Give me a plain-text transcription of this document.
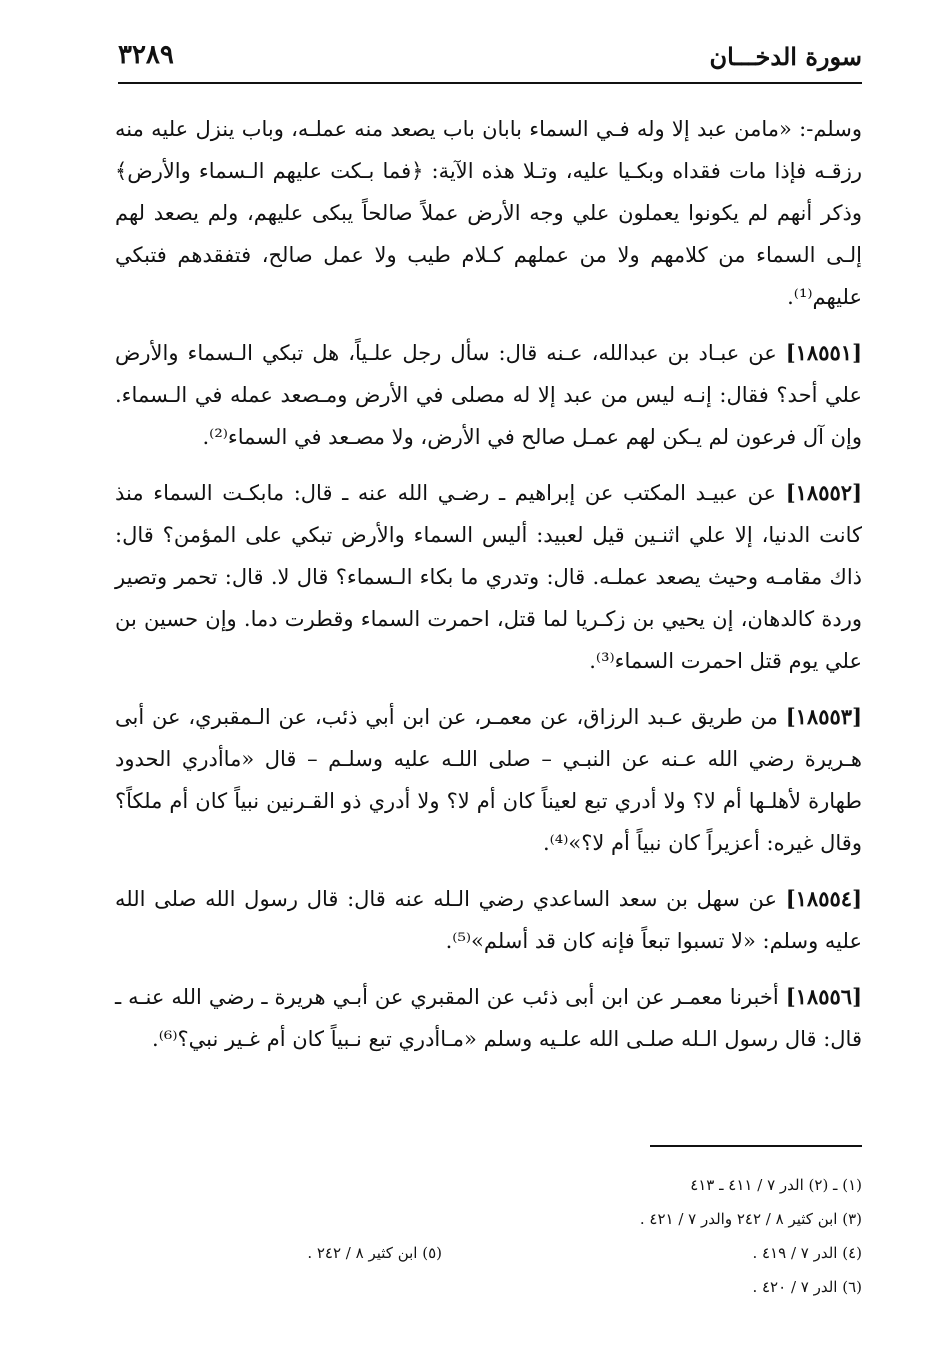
٣٢٨٩	سورة الدخـــان

وسلم-: «مامن عبد إلا وله فـي السماء بابان باب يصعد منه عملـه، وباب ينزل عليه منه رزقـه فإذا مات فقداه وبكـيا عليه، وتـلا هذه الآية: ﴿فما بـكت عليهم الـسماء والأرض﴾ وذكر أنهم لم يكونوا يعملون علي وجه الأرض عملاً صالحاً يبكى عليهم، ولم يصعد لهم إلـى السماء من كلامهم ولا من عملهم كـلام طيب ولا عمل صالح، فتفقدهم فتبكي عليهم⁽¹⁾.

[١٨٥٥١] عن عبـاد بن عبدالله، عـنه قال: سأل رجل علـياً، هل تبكي الـسماء والأرض علي أحد؟ فقال: إنـه ليس من عبد إلا له مصلى في الأرض ومـصعد عمله في الـسماء. وإن آل فرعون لم يـكن لهم عمـل صالح في الأرض، ولا مصـعد في السماء⁽²⁾.

[١٨٥٥٢] عن عبيـد المكتب عن إبراهيم ـ رضـي الله عنه ـ قال: مابكـت السماء منذ كانت الدنيا، إلا علي اثنـين قيل لعبيد: أليس السماء والأرض تبكي على المؤمن؟ قال: ذاك مقامـه وحيث يصعد عملـه. قال: وتدري ما بكاء الـسماء؟ قال لا. قال: تحمر وتصير وردة كالدهان، إن يحيي بن زكـريا لما قتل، احمرت السماء وقطرت دما. وإن حسين بن علي يوم قتل احمرت السماء⁽³⁾.

[١٨٥٥٣] من طريق عـبد الرزاق، عن معمـر، عن ابن أبي ذئب، عن الـمقبري، عن أبى هـريرة رضي الله عـنه عن النبـي – صلى اللـه عليه وسلـم – قال «ماأدري الحدود طهارة لأهلـها أم لا؟ ولا أدري تبع لعيناً كان أم لا؟ ولا أدري ذو القـرنين نبياً كان أم ملكاً؟ وقال غيره: أعزيراً كان نبياً أم لا؟»⁽⁴⁾.

[١٨٥٥٤] عن سهل بن سعد الساعدي رضي الـله عنه قال: قال رسول الله صلى الله عليه وسلم: «لا تسبوا تبعاً فإنه كان قد أسلم»⁽⁵⁾.

[١٨٥٥٦] أخبرنا معمـر عن ابن أبى ذئب عن المقبري عن أبـي هريرة ـ رضي الله عنـه ـ قال: قال رسول الـله صلـى الله علـيه وسلم «مـاأدري تبع نـبياً كان أم غـير نبي؟⁽⁶⁾.

(١) ـ (٢) الدر ٧ / ٤١١ ـ ٤١٣
(٣) ابن كثير ٨ / ٢٤٢ والدر ٧ / ٤٢١ .
(٤) الدر ٧ / ٤١٩ .
(٥) ابن كثير ٨ / ٢٤٢ .
(٦) الدر ٧ / ٤٢٠ .
